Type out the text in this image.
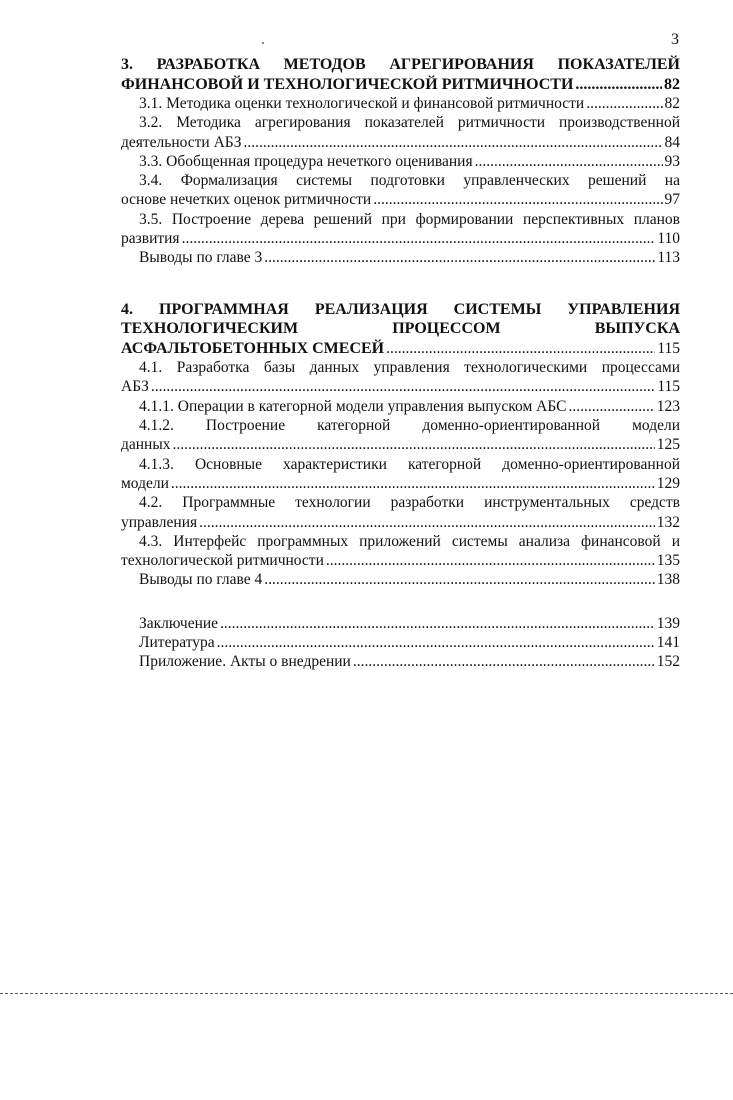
3
3. РАЗРАБОТКА МЕТОДОВ АГРЕГИРОВАНИЯ ПОКАЗАТЕЛЕЙ
ФИНАНСОВОЙ И ТЕХНОЛОГИЧЕСКОЙ РИТМИЧНОСТИ .....	82
3.1. Методика оценки технологической и финансовой ритмичности .....	82
3.2. Методика агрегирования показателей ритмичности производственной
деятельности АБЗ .....	84
3.3. Обобщенная процедура нечеткого оценивания .....	93
3.4. Формализация системы подготовки управленческих решений на
основе нечетких оценок ритмичности .....	97
3.5. Построение дерева решений при формировании перспективных планов
развития .....	110
Выводы по главе 3 .....	113
4. ПРОГРАММНАЯ РЕАЛИЗАЦИЯ СИСТЕМЫ УПРАВЛЕНИЯ
ТЕХНОЛОГИЧЕСКИМ ПРОЦЕССОМ ВЫПУСКА
АСФАЛЬТОБЕТОННЫХ СМЕСЕЙ .....	115
4.1. Разработка базы данных управления технологическими процессами
АБЗ .....	115
4.1.1. Операции в категорной модели управления выпуском АБС .....	123
4.1.2. Построение категорной доменно-ориентированной модели
данных .....	125
4.1.3. Основные характеристики категорной доменно-ориентированной
модели .....	129
4.2. Программные технологии разработки инструментальных средств
управления .....	132
4.3. Интерфейс программных приложений системы анализа финансовой и
технологической ритмичности .....	135
Выводы по главе 4 .....	138
Заключение .....	139
Литература .....	141
Приложение. Акты о внедрении .....	152
